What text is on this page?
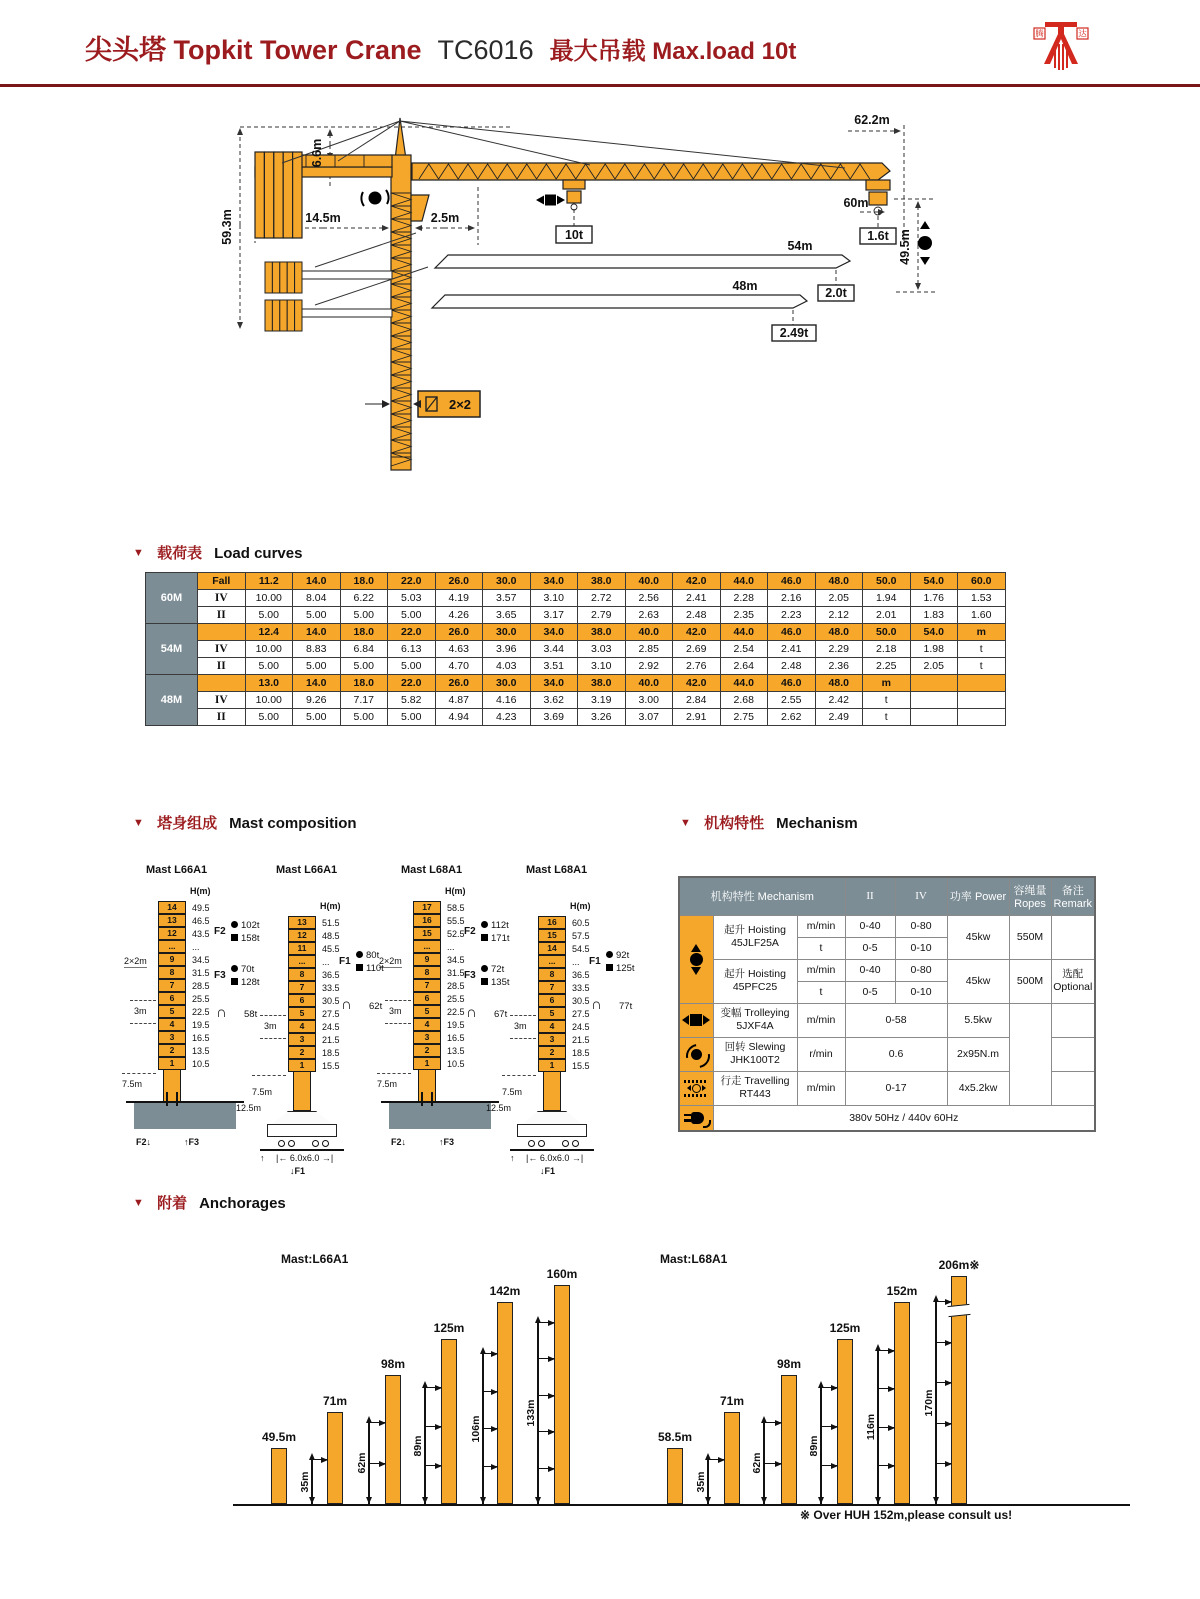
尖头塔 Topkit Tower Crane TC6016 最大吊载 Max.load 10t
腾	达
59.3m
6.6m
14.5m	2.5m
62.2m
60m
1.6t 49.5m
10t
54m
2.0t
48m
2.49t
2×2
▼ 载荷表 Load curves
▼ 塔身组成 Mast composition	▼ 机构特性 Mechanism
▼ 附着 Anchorages
60M	Fall	11.2	14.0	18.0	22.0	26.0	30.0	34.0	38.0	40.0	42.0	44.0	46.0	48.0	50.0	54.0	60.0	
	IV	10.00	8.04	6.22	5.03	4.19	3.57	3.10	2.72	2.56	2.41	2.28	2.16	2.05	1.94	1.76	1.53	
	II	5.00	5.00	5.00	5.00	4.26	3.65	3.17	2.79	2.63	2.48	2.35	2.23	2.12	2.01	1.83	1.60	
54M		12.4	14.0	18.0	22.0	26.0	30.0	34.0	38.0	40.0	42.0	44.0	46.0	48.0	50.0	54.0	m	
	IV	10.00	8.83	6.84	6.13	4.63	3.96	3.44	3.03	2.85	2.69	2.54	2.41	2.29	2.18	1.98	t	
	II	5.00	5.00	5.00	5.00	4.70	4.03	3.51	3.10	2.92	2.76	2.64	2.48	2.36	2.25	2.05	t	
48M		13.0	14.0	18.0	22.0	26.0	30.0	34.0	38.0	40.0	42.0	44.0	46.0	48.0	m			
	IV	10.00	9.26	7.17	5.82	4.87	4.16	3.62	3.19	3.00	2.84	2.68	2.55	2.42	t			
	II	5.00	5.00	5.00	5.00	4.94	4.23	3.69	3.26	3.07	2.91	2.75	2.62	2.49	t			
Mast L66A1
H(m)
14	49.5
13	46.5
12	43.5
...	...
9	34.5
8	31.5
7	28.5
6	25.5
5	22.5
4	19.5
3	16.5
2	13.5
1	10.5
2×2m
3m
7.5m
F2↓	↑F3
Mast L66A1
H(m)
13	51.5
12	48.5
11	45.5
...	...
8	36.5
7	33.5
6	30.5
5	27.5
4	24.5
3	21.5
2	18.5
1	15.5
3m
7.5m
12.5m
↑ |← 6.0x6.0 →|
↓F1
Mast L68A1
H(m)
17	58.5
16	55.5
15	52.5
...	...
9	34.5
8	31.5
7	28.5
6	25.5
5	22.5
4	19.5
3	16.5
2	13.5
1	10.5
2×2m
3m
7.5m
F2↓	↑F3
Mast L68A1
H(m)
16	60.5
15	57.5
14	54.5
...	...
8	36.5
7	33.5
6	30.5
5	27.5
4	24.5
3	21.5
2	18.5
1	15.5
3m
7.5m
12.5m
↑ |← 6.0x6.0 →|
↓F1
F2
102t
158t
F3
70t
128t
∩ 58t
F1
80t
110t
∩ 62t
F2
112t
171t
F3
72t
135t
∩ 67t
F1
92t
125t
∩ 77t
机构特性 Mechanism			II	IV	功率 Power	容绳量
Ropes	备注
Remark

	起升 Hoisting
45JLF25A	m/min	0-40	0-80	45kw	550M	
		t	0-5	0-10			
	起升 Hoisting
45PFC25	m/min	0-40	0-80	45kw	500M	选配
Optional
		t	0-5	0-10			

	变幅 Trolleying
5JXF4A	m/min	0-58		5.5kw		

	回转 Slewing
JHK100T2	r/min	0.6		2x95N.m		

	行走 Travelling
RT443	m/min	0-17		4x5.2kw		

	380v 50Hz / 440v 60Hz						
Mast:L66A1
49.5m
71m
35m
98m
62m
125m
89m
142m
106m
160m
133m
Mast:L68A1
58.5m
71m
35m
98m
62m
125m
89m
152m
116m
206m※
170m
※ Over HUH 152m,please consult us!
